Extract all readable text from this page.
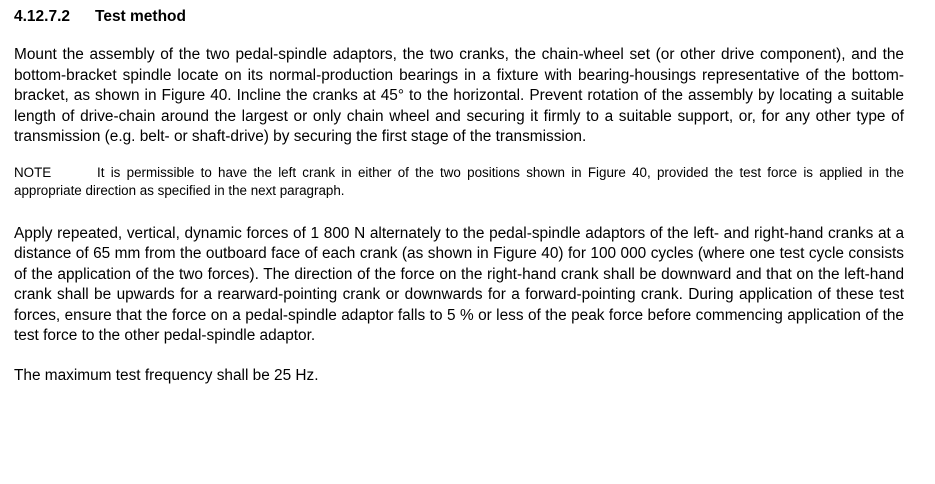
4.12.7.2 Test method

Mount the assembly of the two pedal-spindle adaptors, the two cranks, the chain-wheel set (or other drive component), and the bottom-bracket spindle locate on its normal-production bearings in a fixture with bearing-housings representative of the bottom-bracket, as shown in Figure 40. Incline the cranks at 45° to the horizontal. Prevent rotation of the assembly by locating a suitable length of drive-chain around the largest or only chain wheel and securing it firmly to a suitable support, or, for any other type of transmission (e.g. belt- or shaft-drive) by securing the first stage of the transmission.

NOTE	It is permissible to have the left crank in either of the two positions shown in Figure 40, provided the test force is applied in the appropriate direction as specified in the next paragraph.

Apply repeated, vertical, dynamic forces of 1 800 N alternately to the pedal-spindle adaptors of the left- and right-hand cranks at a distance of 65 mm from the outboard face of each crank (as shown in Figure 40) for 100 000 cycles (where one test cycle consists of the application of the two forces). The direction of the force on the right-hand crank shall be downward and that on the left-hand crank shall be upwards for a rearward-pointing crank or downwards for a forward-pointing crank. During application of these test forces, ensure that the force on a pedal-spindle adaptor falls to 5 % or less of the peak force before commencing application of the test force to the other pedal-spindle adaptor.

The maximum test frequency shall be 25 Hz.
